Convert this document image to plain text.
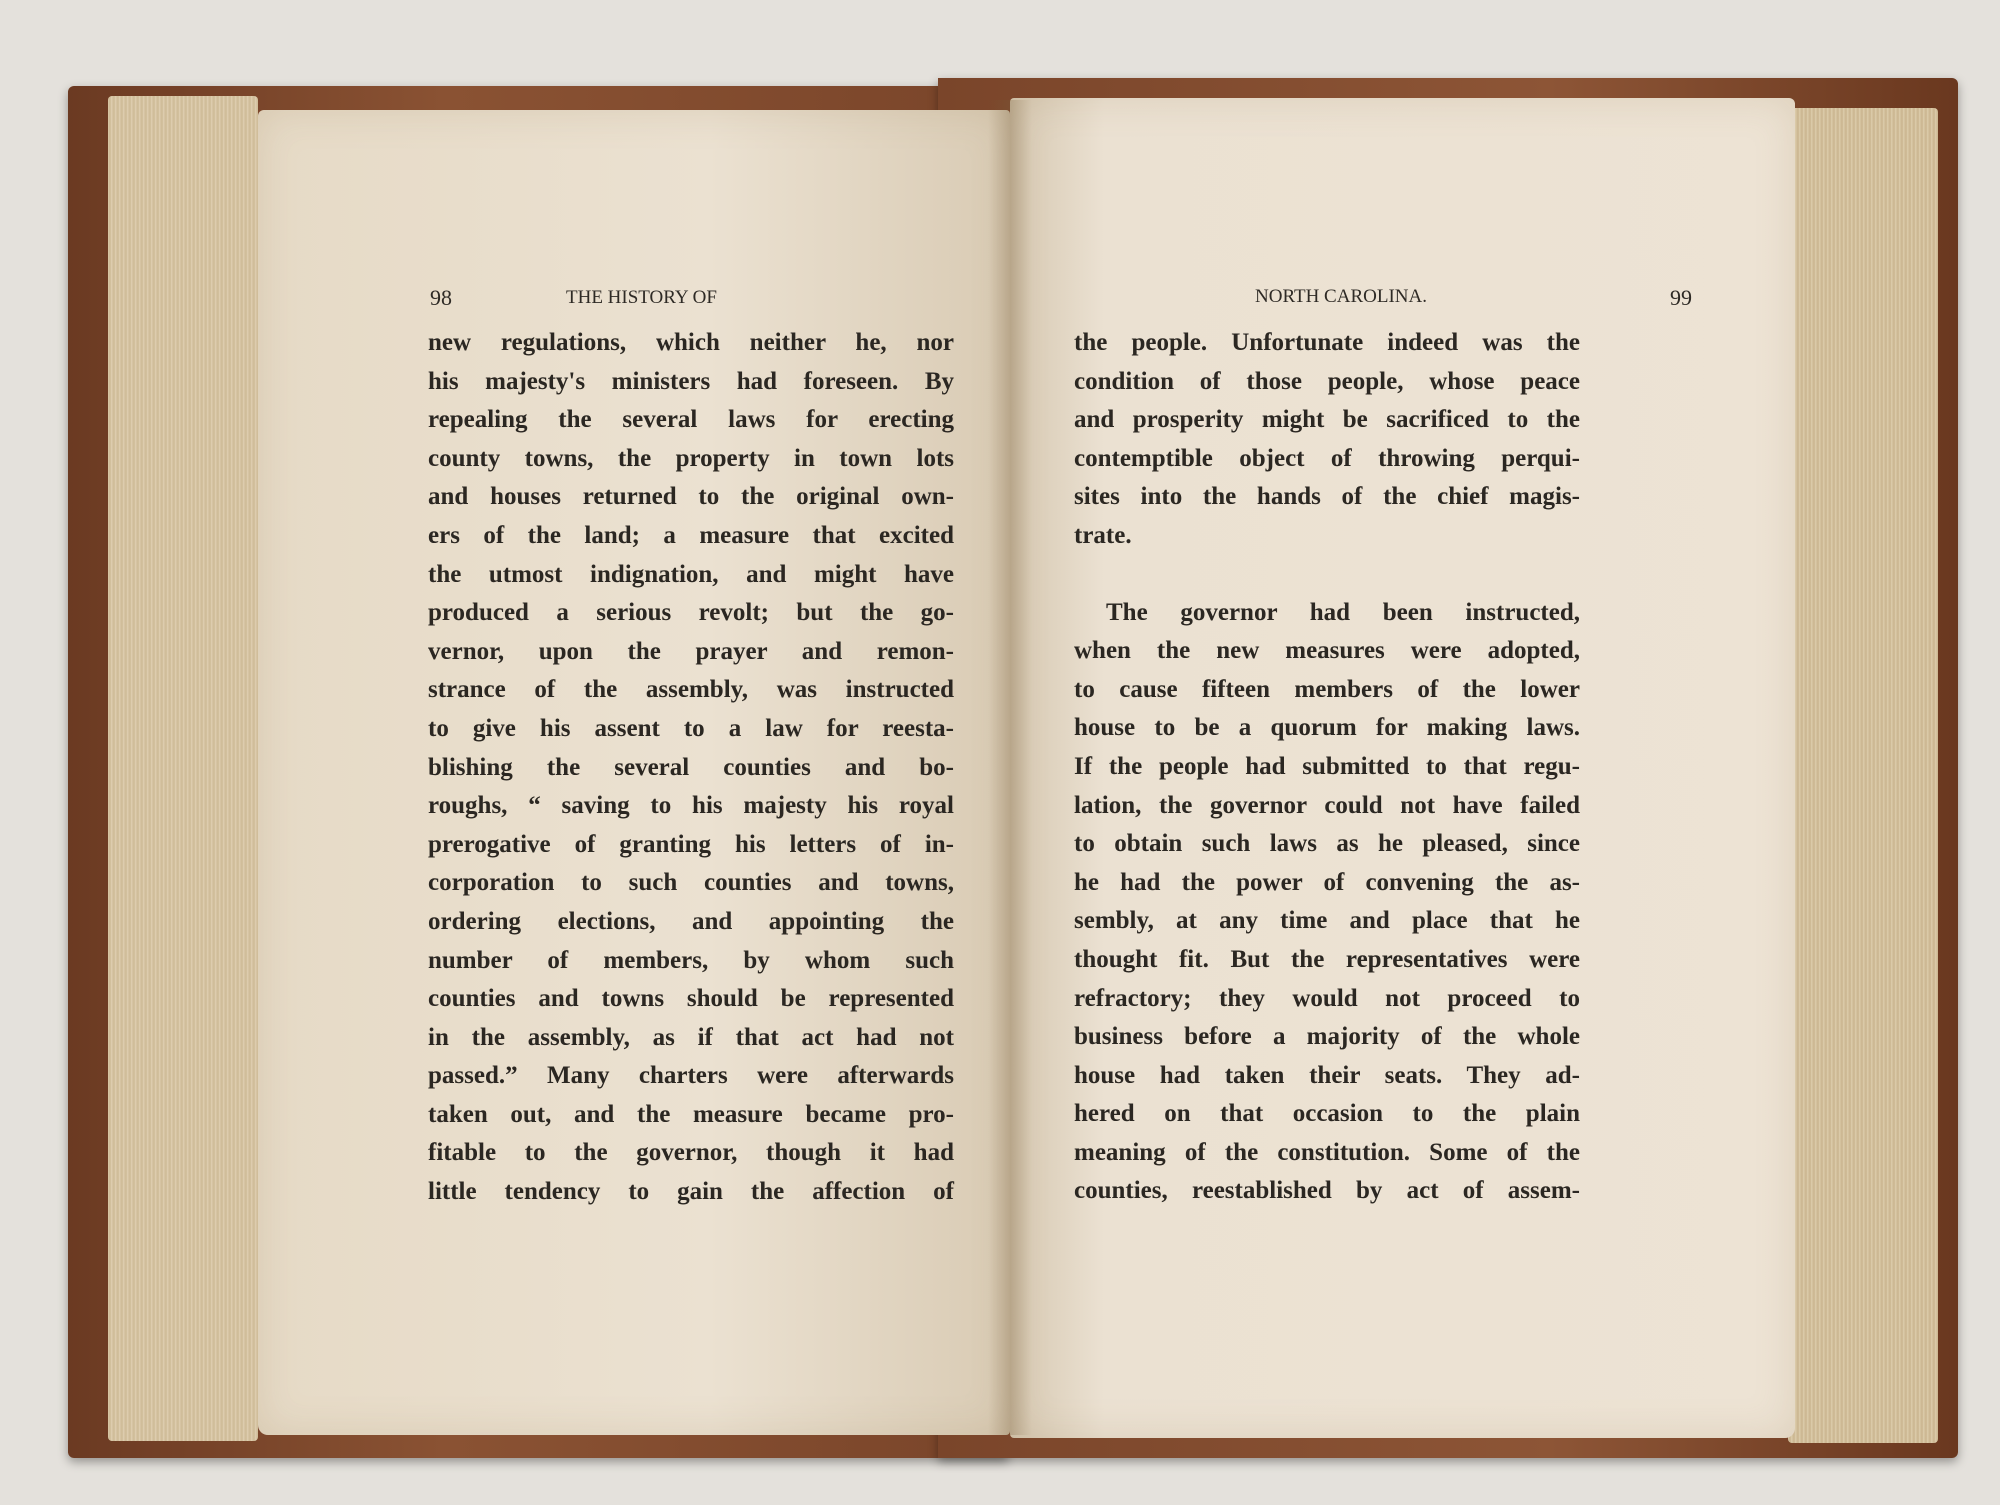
98	THE HISTORY OF
new regulations, which neither he, nor
his majesty's ministers had foreseen. By
repealing the several laws for erecting
county towns, the property in town lots
and houses returned to the original own-
ers of the land; a measure that excited
the utmost indignation, and might have
produced a serious revolt; but the go-
vernor, upon the prayer and remon-
strance of the assembly, was instructed
to give his assent to a law for reesta-
blishing the several counties and bo-
roughs, “ saving to his majesty his royal
prerogative of granting his letters of in-
corporation to such counties and towns,
ordering elections, and appointing the
number of members, by whom such
counties and towns should be represented
in the assembly, as if that act had not
passed.” Many charters were afterwards
taken out, and the measure became pro-
fitable to the governor, though it had
little tendency to gain the affection of
NORTH CAROLINA.	99
the people. Unfortunate indeed was the
condition of those people, whose peace
and prosperity might be sacrificed to the
contemptible object of throwing perqui-
sites into the hands of the chief magis-
trate.
The governor had been instructed,
when the new measures were adopted,
to cause fifteen members of the lower
house to be a quorum for making laws.
If the people had submitted to that regu-
lation, the governor could not have failed
to obtain such laws as he pleased, since
he had the power of convening the as-
sembly, at any time and place that he
thought fit. But the representatives were
refractory; they would not proceed to
business before a majority of the whole
house had taken their seats. They ad-
hered on that occasion to the plain
meaning of the constitution. Some of the
counties, reestablished by act of assem-
